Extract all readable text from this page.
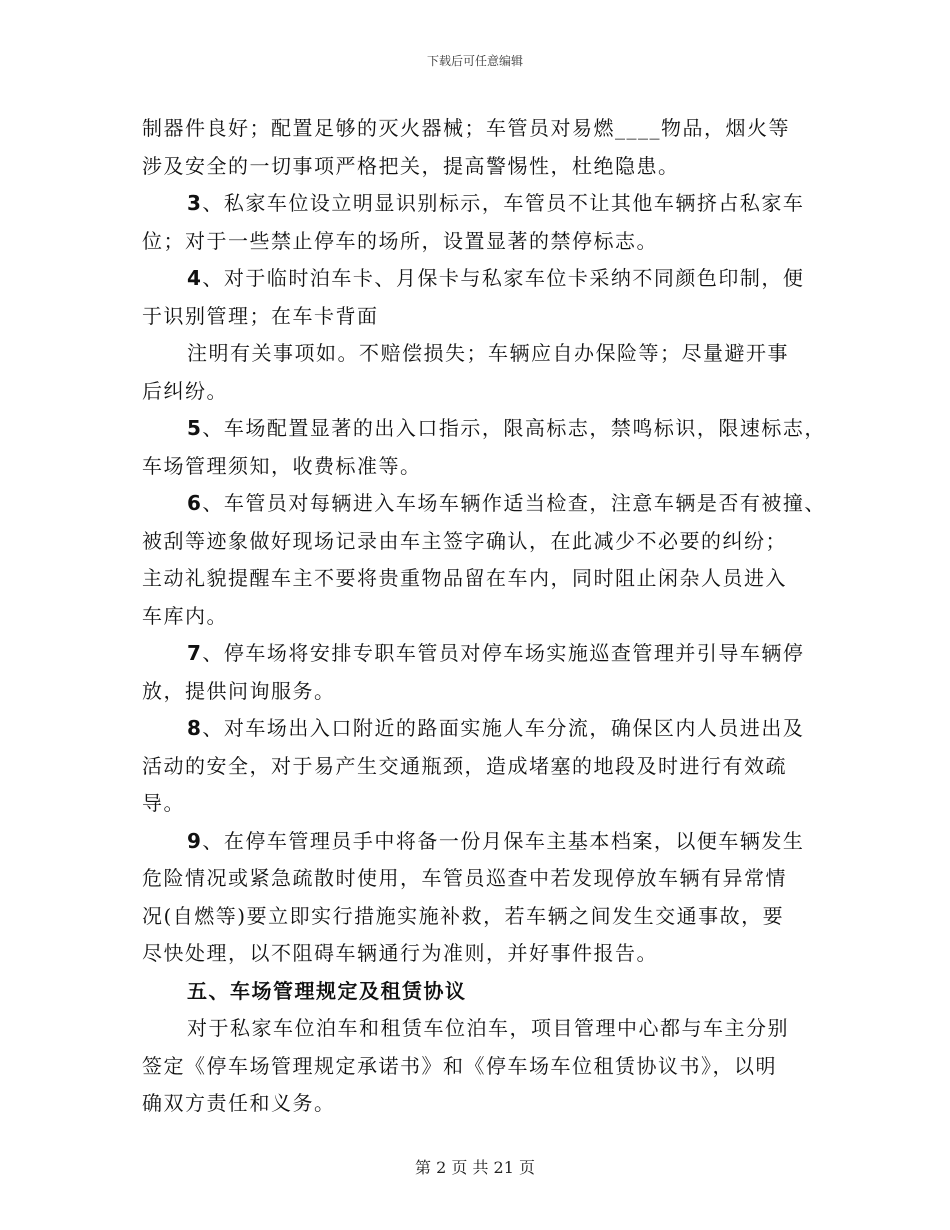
下载后可任意编辑
制器件良好；配置足够的灭火器械；车管员对易燃____物品，烟火等
涉及安全的一切事项严格把关，提高警惕性，杜绝隐患。
3、私家车位设立明显识别标示，车管员不让其他车辆挤占私家车
位；对于一些禁止停车的场所，设置显著的禁停标志。
4、对于临时泊车卡、月保卡与私家车位卡采纳不同颜色印制，便
于识别管理；在车卡背面
注明有关事项如。不赔偿损失；车辆应自办保险等；尽量避开事
后纠纷。
5、车场配置显著的出入口指示，限高标志，禁鸣标识，限速标志，
车场管理须知，收费标准等。
6、车管员对每辆进入车场车辆作适当检查，注意车辆是否有被撞、
被刮等迹象做好现场记录由车主签字确认，在此减少不必要的纠纷；
主动礼貌提醒车主不要将贵重物品留在车内，同时阻止闲杂人员进入
车库内。
7、停车场将安排专职车管员对停车场实施巡查管理并引导车辆停
放，提供问询服务。
8、对车场出入口附近的路面实施人车分流，确保区内人员进出及
活动的安全，对于易产生交通瓶颈，造成堵塞的地段及时进行有效疏
导。
9、在停车管理员手中将备一份月保车主基本档案，以便车辆发生
危险情况或紧急疏散时使用，车管员巡查中若发现停放车辆有异常情
况(自燃等)要立即实行措施实施补救，若车辆之间发生交通事故，要
尽快处理，以不阻碍车辆通行为准则，并好事件报告。
五、车场管理规定及租赁协议
对于私家车位泊车和租赁车位泊车，项目管理中心都与车主分别
签定《停车场管理规定承诺书》和《停车场车位租赁协议书》，以明
确双方责任和义务。
第 2 页 共 21 页
